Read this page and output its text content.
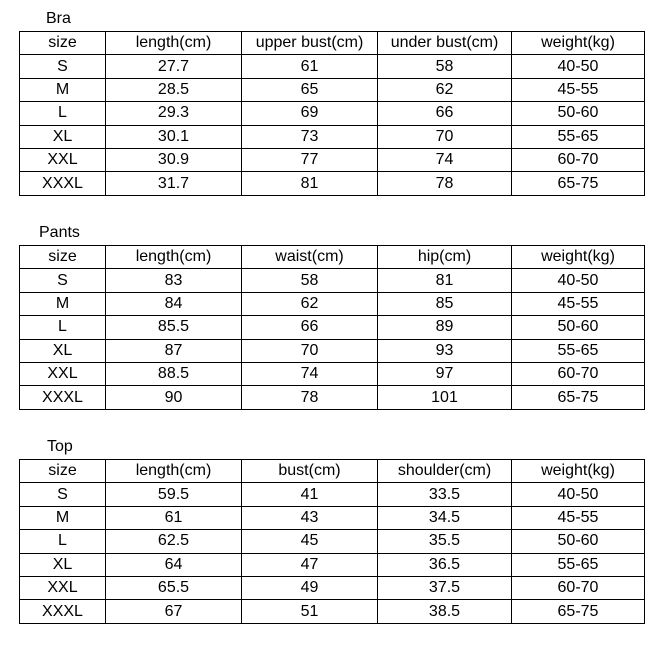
Bra
size	length(cm)	upper bust(cm)	under bust(cm)	weight(kg)
S	27.7	61	58	40-50
M	28.5	65	62	45-55
L	29.3	69	66	50-60
XL	30.1	73	70	55-65
XXL	30.9	77	74	60-70
XXXL	31.7	81	78	65-75
Pants
size	length(cm)	waist(cm)	hip(cm)	weight(kg)
S	83	58	81	40-50
M	84	62	85	45-55
L	85.5	66	89	50-60
XL	87	70	93	55-65
XXL	88.5	74	97	60-70
XXXL	90	78	101	65-75
Top
size	length(cm)	bust(cm)	shoulder(cm)	weight(kg)
S	59.5	41	33.5	40-50
M	61	43	34.5	45-55
L	62.5	45	35.5	50-60
XL	64	47	36.5	55-65
XXL	65.5	49	37.5	60-70
XXXL	67	51	38.5	65-75
